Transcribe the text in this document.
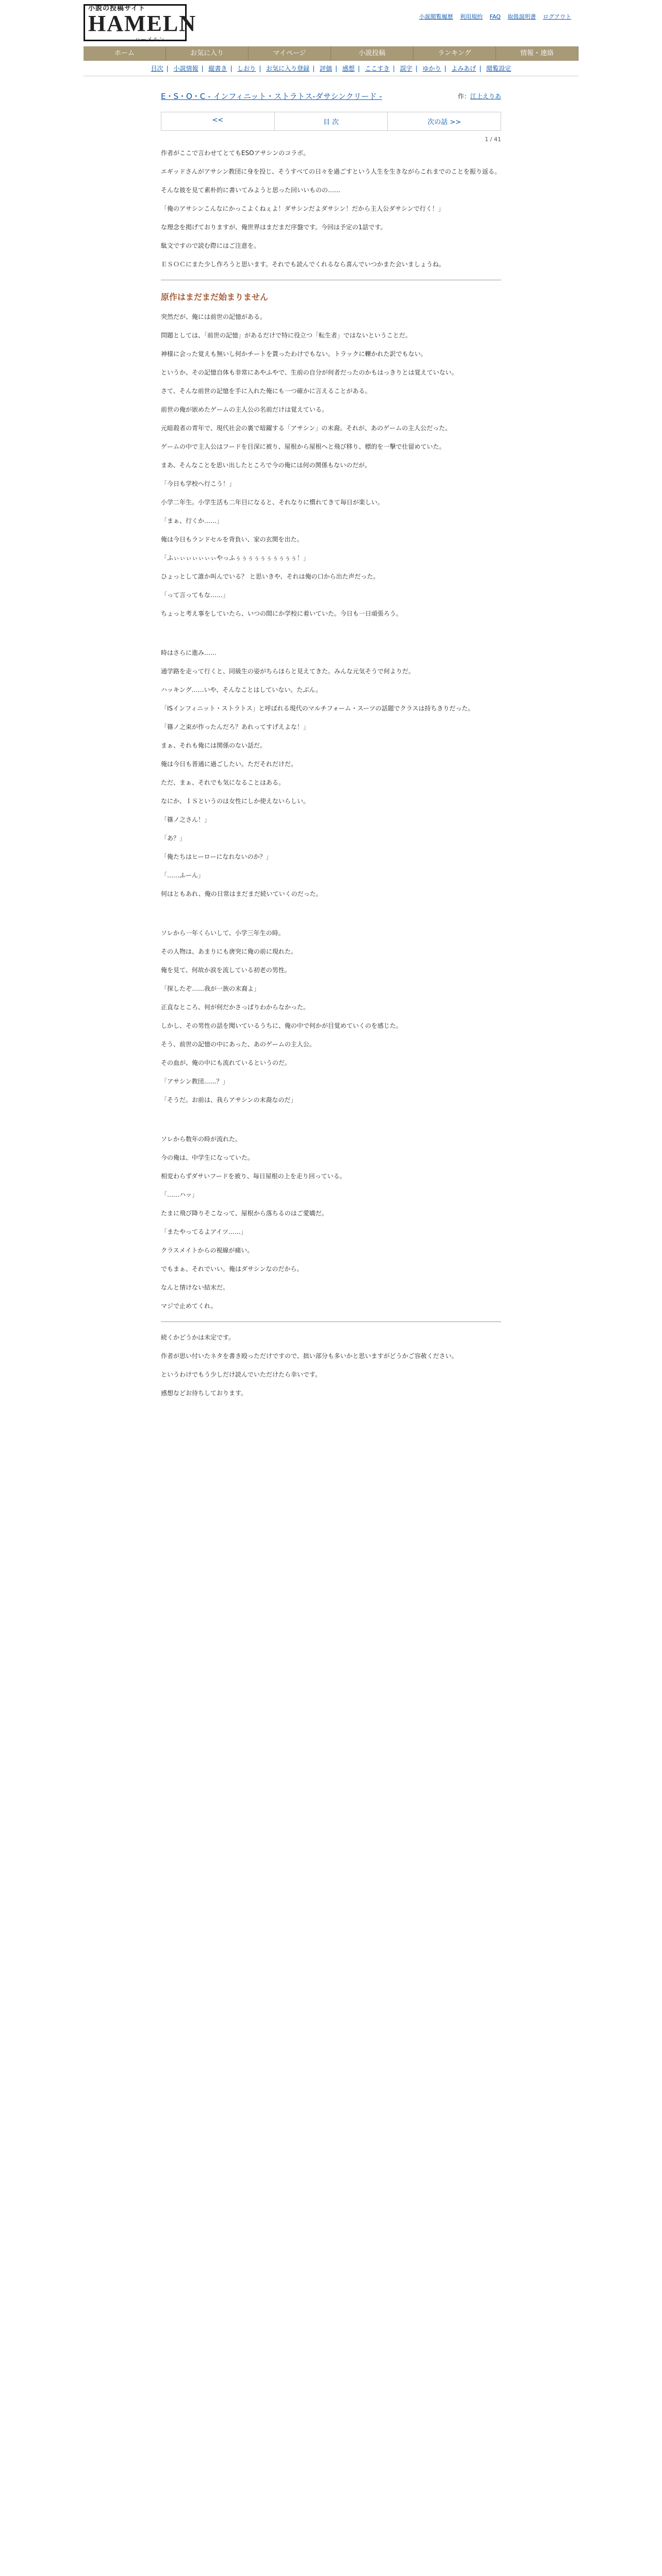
小説の投稿サイト
HAMELN
ハーメルン
小説閲覧履歴 利用規約 FAQ 取扱説明書 ログアウト
ホーム	お気に入り	マイページ	小説投稿	ランキング	情報・連絡
目次 | 小説情報 | 縦書き | しおり | お気に入り登録 | 評価 | 感想 | ここすき | 誤字 | ゆかり | よみあげ | 閲覧設定
E・S・O・C - インフィニット・ストラトス-ダサシンクリード -	作：江上えりあ
<<	目 次	次の話 >>
1 / 41

作者がここで言わせてとてもESOアサシンのコラボ。

エギッドさんがアサシン教団に身を投じ、そうすべての日々を過ごすという人生を生きながらこれまでのことを振り返る。

そんな彼を見て素朴的に書いてみようと思った回いいものの……

「俺のアサシンこんなにかっこよくねぇよ！ダサシンだよダサシン！だから主人公ダサシンで行く！」

な理念を掲げておりますが、俺世界はまだまだ序盤です。今回は予定の1話です。

駄文ですので読む際にはご注意を。

ＥＳＯＣにまた少し作ろうと思います。それでも読んでくれるなら喜んでいつかまた会いましょうね。

原作はまだまだ始まりません

突然だが、俺には前世の記憶がある。

問題としては、「前世の記憶」があるだけで特に役立つ「転生者」ではないということだ。

神様に会った覚えも無いし何かチートを貰ったわけでもない。トラックに轢かれた訳でもない。

というか、その記憶自体も非常にあやふやで、生前の自分が何者だったのかもはっきりとは覚えていない。

さて、そんな前世の記憶を手に入れた俺にも一つ確かに言えることがある。

前世の俺が嵌めたゲームの主人公の名前だけは覚えている。

元暗殺者の青年で、現代社会の裏で暗躍する「アサシン」の末裔。それが、あのゲームの主人公だった。

ゲームの中で主人公はフードを目深に被り、屋根から屋根へと飛び移り、標的を一撃で仕留めていた。

まあ、そんなことを思い出したところで今の俺には何の関係もないのだが。

「今日も学校へ行こう！」

小学二年生。小学生活も二年目になると、それなりに慣れてきて毎日が楽しい。

「まぁ、行くか……」

俺は今日もランドセルを背負い、家の玄関を出た。

「ふぃぃぃぃぃぃぃやっふぅぅぅぅぅぅぅぅぅぅ！」

ひょっとして誰か叫んでいる？ と思いきや、それは俺の口から出た声だった。

「って言ってもな……」

ちょっと考え事をしていたら、いつの間にか学校に着いていた。今日も一日頑張ろう。

時はさらに進み……

通学路を走って行くと、同級生の姿がちらほらと見えてきた。みんな元気そうで何よりだ。

ハッキング……いや、そんなことはしていない。たぶん。

「ISインフィニット・ストラトス」と呼ばれる現代のマルチフォーム・スーツの話題でクラスは持ちきりだった。

「篠ノ之束が作ったんだろ？あれってすげえよな！」

まぁ、それも俺には関係のない話だ。

俺は今日も普通に過ごしたい。ただそれだけだ。

ただ、まぁ、それでも気になることはある。

なにか、ＩＳというのは女性にしか使えないらしい。

「篠ノ之さん！」

「あ？」

「俺たちはヒーローになれないのか？」

「……ふーん」

何はともあれ、俺の日常はまだまだ続いていくのだった。

ソレから一年くらいして、小学三年生の時。

その人物は、あまりにも唐突に俺の前に現れた。

俺を見て、何故か涙を流している初老の男性。

「探したぞ……我が一族の末裔よ」

正直なところ、何が何だかさっぱりわからなかった。

しかし、その男性の話を聞いているうちに、俺の中で何かが目覚めていくのを感じた。

そう、前世の記憶の中にあった、あのゲームの主人公。

その血が、俺の中にも流れているというのだ。

「アサシン教団……？」

「そうだ。お前は、我らアサシンの末裔なのだ」

ソレから数年の時が流れた。

今の俺は、中学生になっていた。

相変わらずダサいフードを被り、毎日屋根の上を走り回っている。

「……ハッ」

たまに飛び降りそこなって、屋根から落ちるのはご愛嬌だ。

「またやってるよアイツ……」

クラスメイトからの視線が痛い。

でもまぁ、それでいい。俺はダサシンなのだから。

なんと情けない結末だ。

マジで止めてくれ。

続くかどうかは未定です。

作者が思い付いたネタを書き殴っただけですので、拙い部分も多いかと思いますがどうかご容赦ください。

というわけでもう少しだけ読んでいただけたら幸いです。

感想などお待ちしております。
